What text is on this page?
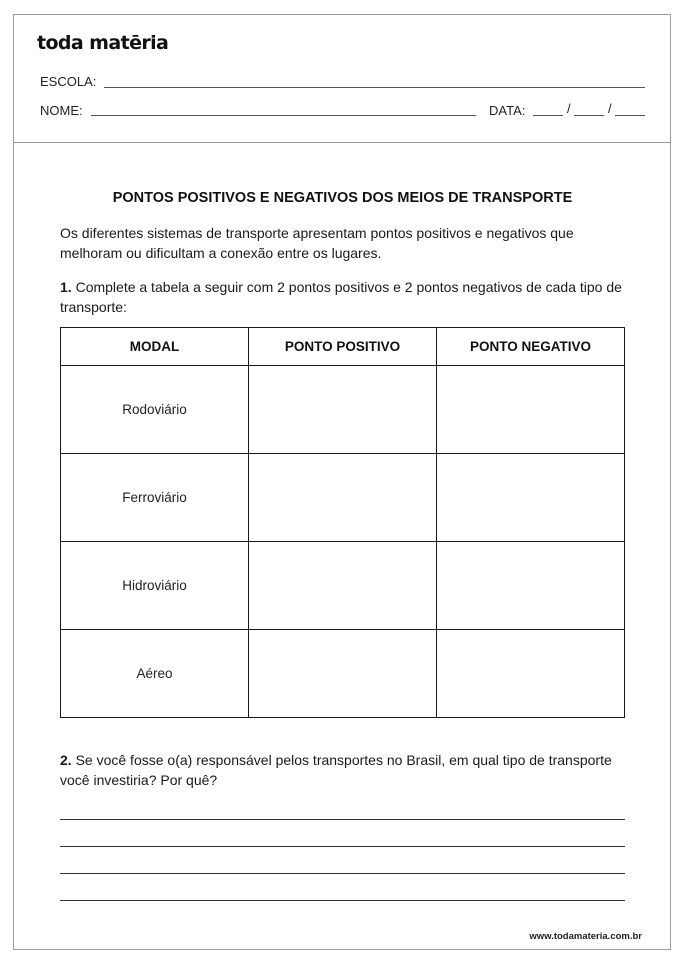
toda matēria
ESCOLA:
NOME:	DATA:	/	/
PONTOS POSITIVOS E NEGATIVOS DOS MEIOS DE TRANSPORTE
Os diferentes sistemas de transporte apresentam pontos positivos e negativos que melhoram ou dificultam a conexão entre os lugares.
1. Complete a tabela a seguir com 2 pontos positivos e 2 pontos negativos de cada tipo de transporte:
MODAL	PONTO POSITIVO	PONTO NEGATIVO
Rodoviário		
Ferroviário		
Hidroviário		
Aéreo		
2. Se você fosse o(a) responsável pelos transportes no Brasil, em qual tipo de transporte você investiria? Por quê?
www.todamateria.com.br
